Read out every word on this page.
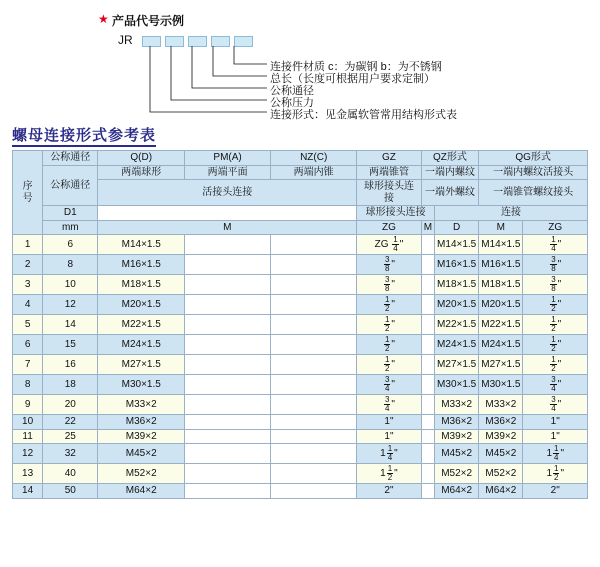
★ 产品代号示例
JR
连接件材质 c：为碳钢 b：为不锈钢
总长（长度可根据用户要求定制）
公称通径
公称压力
连接形式：见金属软管常用结构形式表
螺母连接形式参考表
序
号	公称通径	Q(D)	PM(A)	NZ(C)	GZ	QZ形式		QG形式	
	公称通径	两端球形	两端平面	两端内锥	两端锥管	一端内螺纹		一端内螺纹活接头	
		活接头连接			球形接头连接	一端外螺纹		一端锥管螺纹接头	
	D1				球形接头连接		连接		
	mm	M			ZG	M	D	M	ZG
1	6	M14×1.5			ZG $\frac{1}{4}$ "		M14×1.5	M14×1.5	$\frac{1}{4}$ "
2	8	M16×1.5			$\frac{3}{8}$ "		M16×1.5	M16×1.5	$\frac{3}{8}$ "
3	10	M18×1.5			$\frac{3}{8}$ "		M18×1.5	M18×1.5	$\frac{3}{8}$ "
4	12	M20×1.5			$\frac{1}{2}$ "		M20×1.5	M20×1.5	$\frac{1}{2}$ "
5	14	M22×1.5			$\frac{1}{2}$ "		M22×1.5	M22×1.5	$\frac{1}{2}$ "
6	15	M24×1.5			$\frac{1}{2}$ "		M24×1.5	M24×1.5	$\frac{1}{2}$ "
7	16	M27×1.5			$\frac{1}{2}$ "		M27×1.5	M27×1.5	$\frac{1}{2}$ "
8	18	M30×1.5			$\frac{3}{4}$ "		M30×1.5	M30×1.5	$\frac{3}{4}$ "
9	20	M33×2			$\frac{3}{4}$ "		M33×2	M33×2	$\frac{3}{4}$ "
10	22	M36×2			1"		M36×2	M36×2	1"
11	25	M39×2			1"		M39×2	M39×2	1"
12	32	M45×2			$1 \frac{1}{4}$ "		M45×2	M45×2	$1 \frac{1}{4}$ "
13	40	M52×2			$1 \frac{1}{2}$ "		M52×2	M52×2	$1 \frac{1}{2}$ "
14	50	M64×2			2"		M64×2	M64×2	2"
